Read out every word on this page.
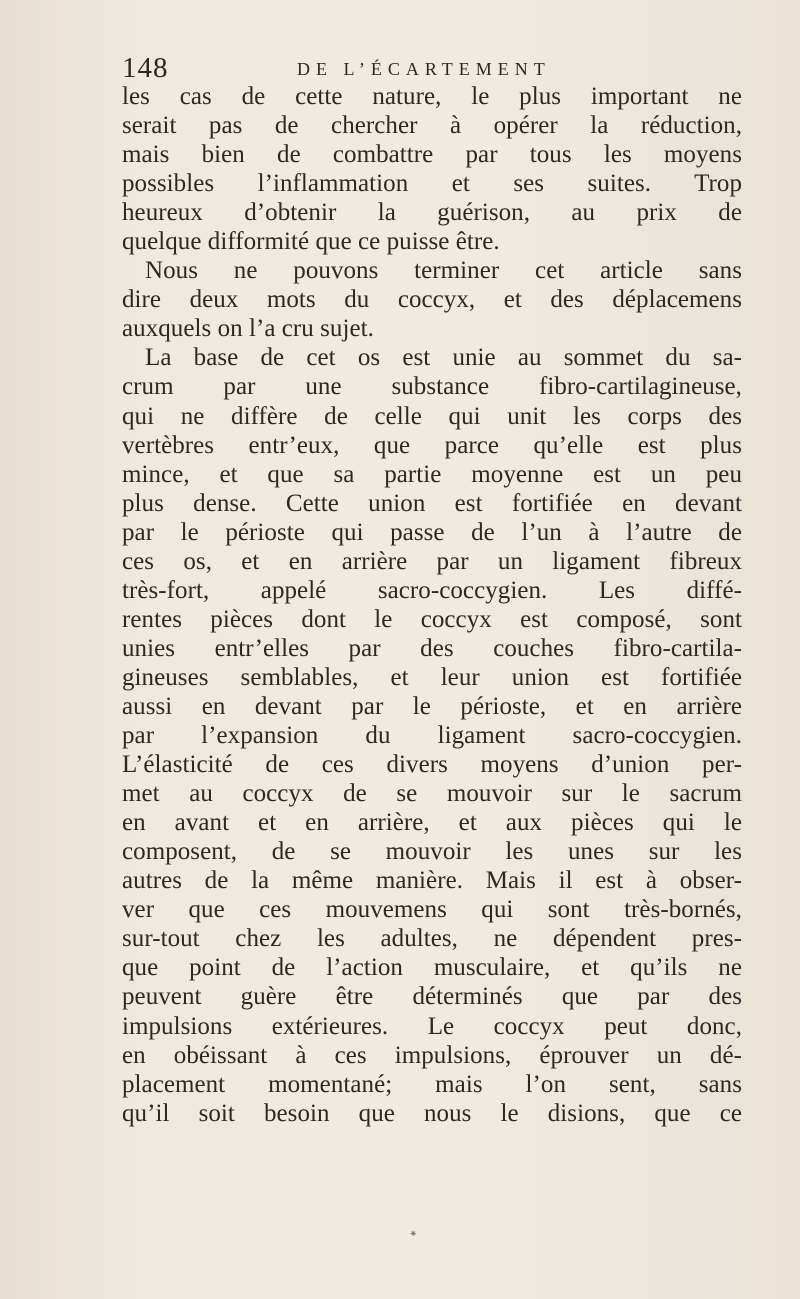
148	DE L’ÉCARTEMENT
les cas de cette nature, le plus important ne
serait pas de chercher à opérer la réduction,
mais bien de combattre par tous les moyens
possibles l’inflammation et ses suites. Trop
heureux d’obtenir la guérison, au prix de
quelque difformité que ce puisse être.
Nous ne pouvons terminer cet article sans
dire deux mots du coccyx, et des déplacemens
auxquels on l’a cru sujet.
La base de cet os est unie au sommet du sa-
crum par une substance fibro-cartilagineuse,
qui ne diffère de celle qui unit les corps des
vertèbres entr’eux, que parce qu’elle est plus
mince, et que sa partie moyenne est un peu
plus dense. Cette union est fortifiée en devant
par le périoste qui passe de l’un à l’autre de
ces os, et en arrière par un ligament fibreux
très-fort, appelé sacro-coccygien. Les diffé-
rentes pièces dont le coccyx est composé, sont
unies entr’elles par des couches fibro-cartila-
gineuses semblables, et leur union est fortifiée
aussi en devant par le périoste, et en arrière
par l’expansion du ligament sacro-coccygien.
L’élasticité de ces divers moyens d’union per-
met au coccyx de se mouvoir sur le sacrum
en avant et en arrière, et aux pièces qui le
composent, de se mouvoir les unes sur les
autres de la même manière. Mais il est à obser-
ver que ces mouvemens qui sont très-bornés,
sur-tout chez les adultes, ne dépendent pres-
que point de l’action musculaire, et qu’ils ne
peuvent guère être déterminés que par des
impulsions extérieures. Le coccyx peut donc,
en obéissant à ces impulsions, éprouver un dé-
placement momentané; mais l’on sent, sans
qu’il soit besoin que nous le disions, que ce
⁕
